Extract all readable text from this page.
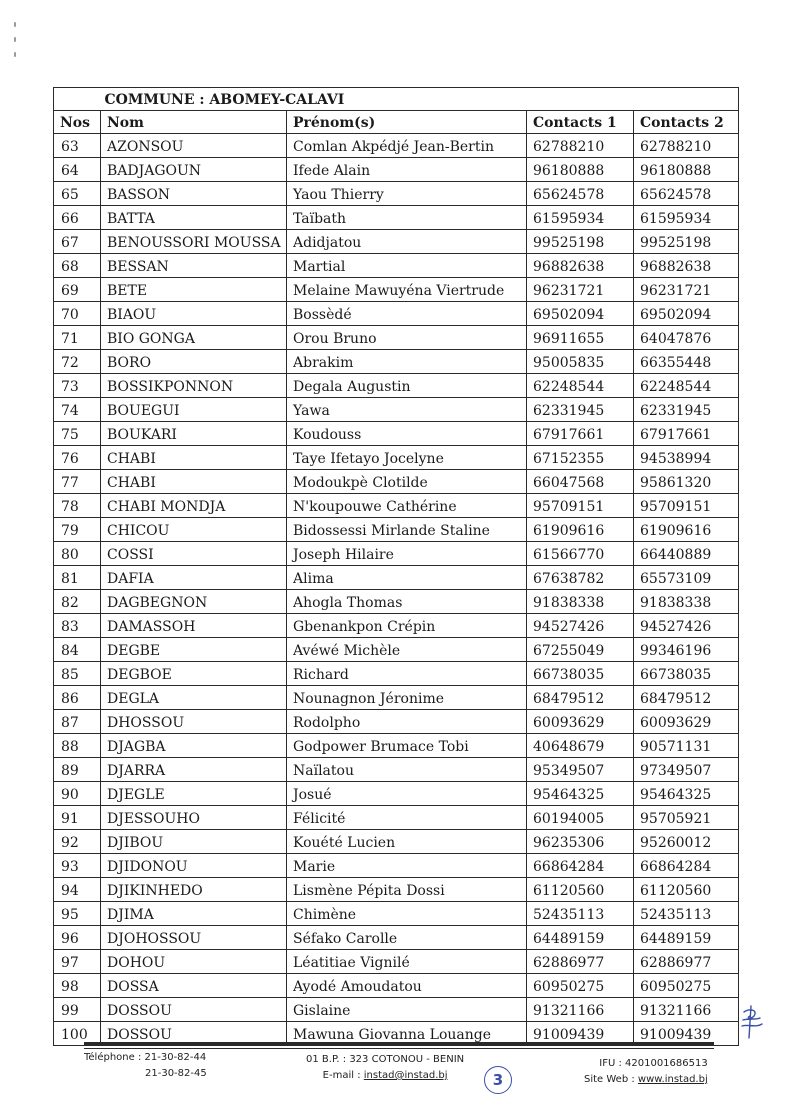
	COMMUNE : ABOMEY-CALAVI			
Nos	Nom	Prénom(s)	Contacts 1	Contacts 2
63	AZONSOU	Comlan Akpédjé Jean-Bertin	62788210	62788210
64	BADJAGOUN	Ifede Alain	96180888	96180888
65	BASSON	Yaou Thierry	65624578	65624578
66	BATTA	Taïbath	61595934	61595934
67	BENOUSSORI MOUSSA	Adidjatou	99525198	99525198
68	BESSAN	Martial	96882638	96882638
69	BETE	Melaine Mawuyéna Viertrude	96231721	96231721
70	BIAOU	Bossèdé	69502094	69502094
71	BIO GONGA	Orou Bruno	96911655	64047876
72	BORO	Abrakim	95005835	66355448
73	BOSSIKPONNON	Degala Augustin	62248544	62248544
74	BOUEGUI	Yawa	62331945	62331945
75	BOUKARI	Koudouss	67917661	67917661
76	CHABI	Taye Ifetayo Jocelyne	67152355	94538994
77	CHABI	Modoukpè Clotilde	66047568	95861320
78	CHABI MONDJA	N'koupouwe Cathérine	95709151	95709151
79	CHICOU	Bidossessi Mirlande Staline	61909616	61909616
80	COSSI	Joseph Hilaire	61566770	66440889
81	DAFIA	Alima	67638782	65573109
82	DAGBEGNON	Ahogla Thomas	91838338	91838338
83	DAMASSOH	Gbenankpon Crépin	94527426	94527426
84	DEGBE	Avéwé Michèle	67255049	99346196
85	DEGBOE	Richard	66738035	66738035
86	DEGLA	Nounagnon Jéronime	68479512	68479512
87	DHOSSOU	Rodolpho	60093629	60093629
88	DJAGBA	Godpower Brumace Tobi	40648679	90571131
89	DJARRA	Naïlatou	95349507	97349507
90	DJEGLE	Josué	95464325	95464325
91	DJESSOUHO	Félicité	60194005	95705921
92	DJIBOU	Kouété Lucien	96235306	95260012
93	DJIDONOU	Marie	66864284	66864284
94	DJIKINHEDO	Lismène Pépita Dossi	61120560	61120560
95	DJIMA	Chimène	52435113	52435113
96	DJOHOSSOU	Séfako Carolle	64489159	64489159
97	DOHOU	Léatitiae Vignilé	62886977	62886977
98	DOSSA	Ayodé Amoudatou	60950275	60950275
99	DOSSOU	Gislaine	91321166	91321166
100	DOSSOU	Mawuna Giovanna Louange	91009439	91009439
Téléphone : 21-30-82-44
21-30-82-45
01 B.P. : 323 COTONOU - BENIN
E-mail : instad@instad.bj
IFU : 4201001686513
Site Web : www.instad.bj
3
